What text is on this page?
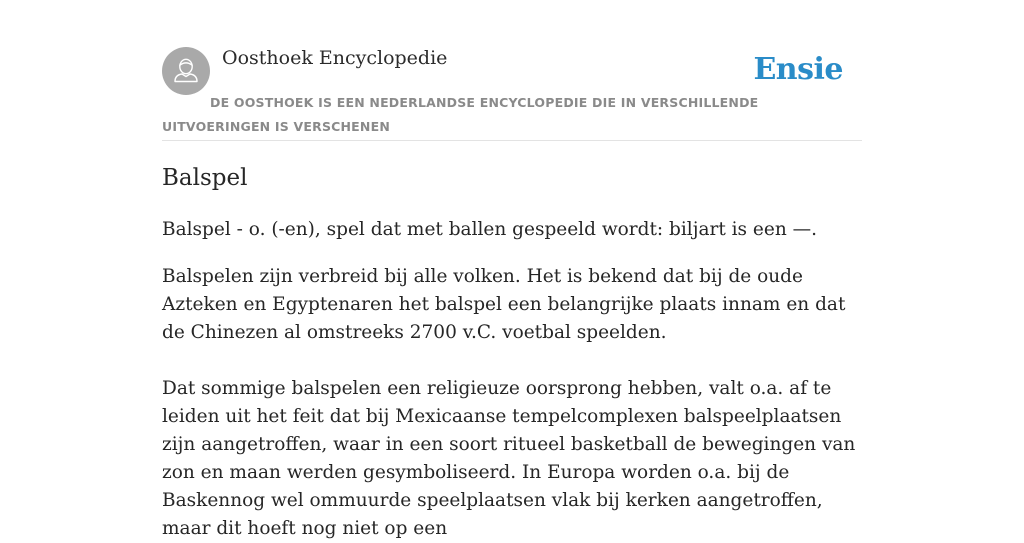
Oosthoek Encyclopedie	Ensie
DE OOSTHOEK IS EEN NEDERLANDSE ENCYCLOPEDIE DIE IN VERSCHILLENDE UITVOERINGEN IS VERSCHENEN
Balspel

Balspel - o. (-en), spel dat met ballen gespeeld wordt: biljart is een —.

Balspelen zijn verbreid bij alle volken. Het is bekend dat bij de oude Azteken en Egyptenaren het balspel een belangrijke plaats innam en dat de Chinezen al omstreeks 2700 v.C. voetbal speelden.

Dat sommige balspelen een religieuze oorsprong hebben, valt o.a. af te leiden uit het feit dat bij Mexicaanse tempelcomplexen balspeelplaatsen zijn aangetroffen, waar in een soort ritueel basketball de bewegingen van zon en maan werden gesymboliseerd. In Europa worden o.a. bij de Baskennog wel ommuurde speelplaatsen vlak bij kerken aangetroffen, maar dit hoeft nog niet op een
